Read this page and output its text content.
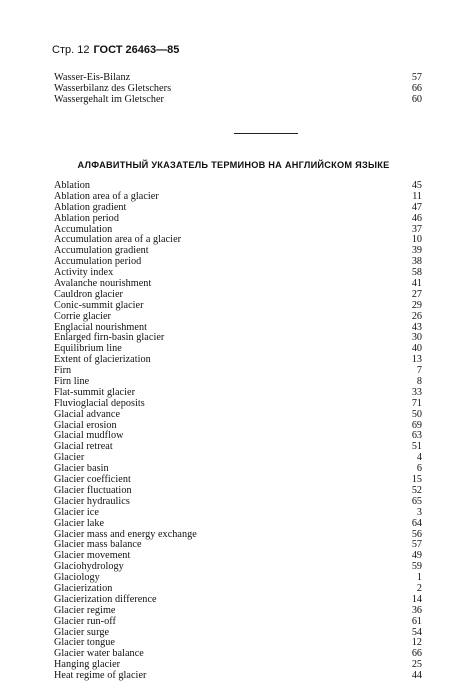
Стр. 12 ГОСТ 26463—85
Wasser-Eis-Bilanz	57
Wasserbilanz des Gletschers	66
Wassergehalt im Gletscher	60
АЛФАВИТНЫЙ УКАЗАТЕЛЬ ТЕРМИНОВ НА АНГЛИЙСКОМ ЯЗЫКЕ
Ablation	45
Ablation area of a glacier	11
Ablation gradient	47
Ablation period	46
Accumulation	37
Accumulation area of a glacier	10
Accumulation gradient	39
Accumulation period	38
Activity index	58
Avalanche nourishment	41
Cauldron glacier	27
Conic-summit glacier	29
Corrie glacier	26
Englacial nourishment	43
Enlarged firn-basin glacier	30
Equilibrium line	40
Extent of glacierization	13
Firn	7
Firn line	8
Flat-summit glacier	33
Fluvioglacial deposits	71
Glacial advance	50
Glacial erosion	69
Glacial mudflow	63
Glacial retreat	51
Glacier	4
Glacier basin	6
Glacier coefficient	15
Glacier fluctuation	52
Glacier hydraulics	65
Glacier ice	3
Glacier lake	64
Glacier mass and energy exchange	56
Glacier mass balance	57
Glacier movement	49
Glaciohydrology	59
Glaciology	1
Glacierization	2
Glacierization difference	14
Glacier regime	36
Glacier run-off	61
Glacier surge	54
Glacier tongue	12
Glacier water balance	66
Hanging glacier	25
Heat regime of glacier	44
